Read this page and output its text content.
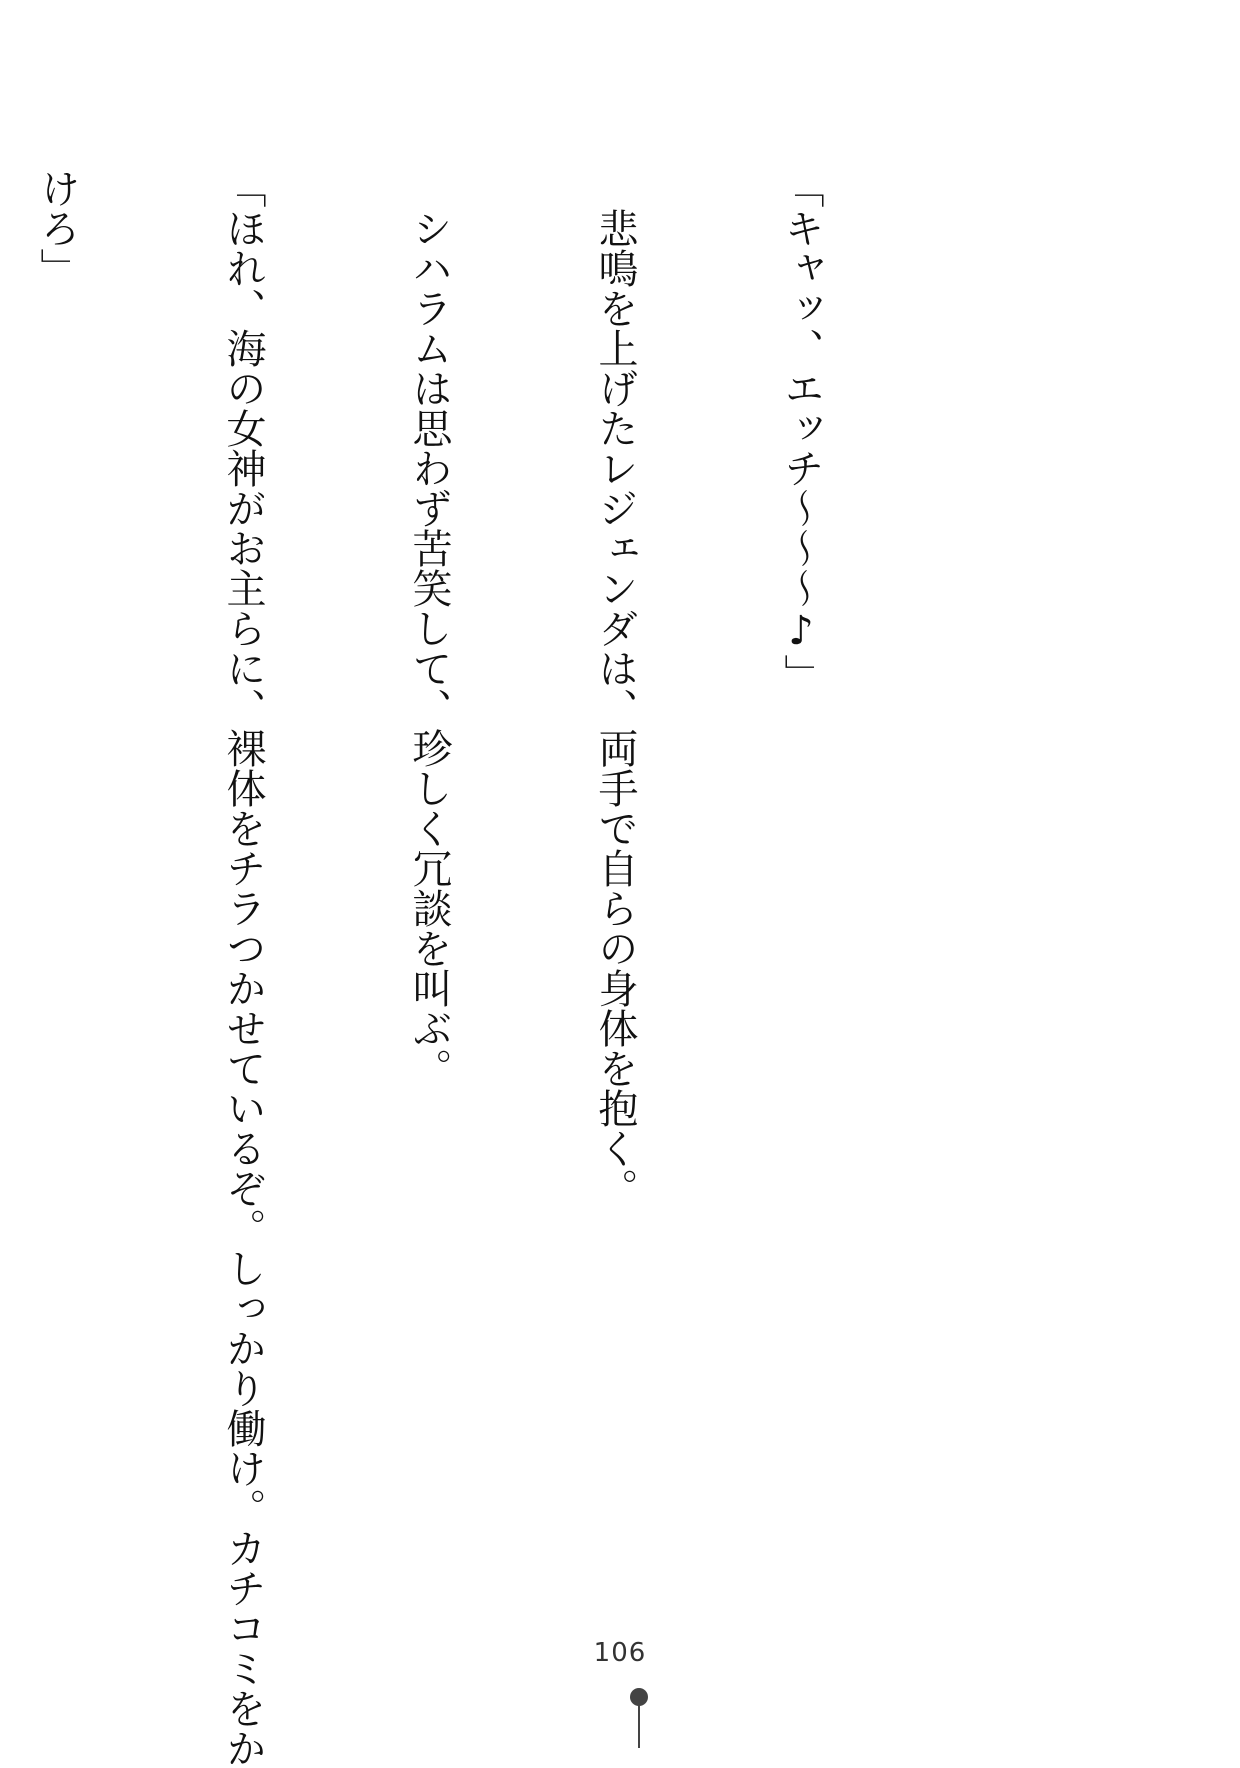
「キャッ、エッチ〜〜〜♪」

　悲鳴を上げたレジェンダは、両手で自らの身体を抱く。

　シハラムは思わず苦笑して、珍しく冗談を叫ぶ。

「ほれ、海の女神がお主らに、裸体をチラつかせているぞ。しっかり働け。カチコミをか

けろ」

106
